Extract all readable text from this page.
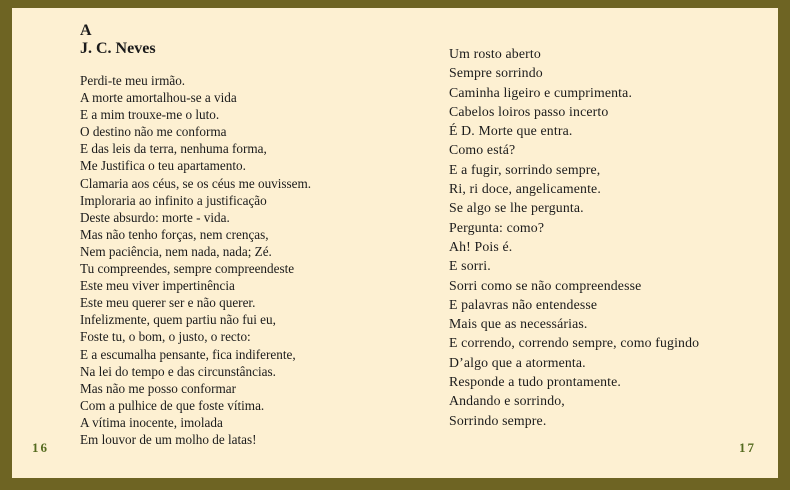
A
J. C. Neves
Perdi-te meu irmão.
A morte amortalhou-se a vida
E a mim trouxe-me o luto.
O destino não me conforma
E das leis da terra, nenhuma forma,
Me Justifica o teu apartamento.
Clamaria aos céus, se os céus me ouvissem.
Imploraria ao infinito a justificação
Deste absurdo: morte - vida.
Mas não tenho forças, nem crenças,
Nem paciência, nem nada, nada; Zé.
Tu compreendes, sempre compreendeste
Este meu viver impertinência
Este meu querer ser e não querer.
Infelizmente, quem partiu não fui eu,
Foste tu, o bom, o justo, o recto:
E a escumalha pensante, fica indiferente,
Na lei do tempo e das circunstâncias.
Mas não me posso conformar
Com a pulhice de que foste vítima.
A vítima inocente, imolada
Em louvor de um molho de latas!
Um rosto aberto
Sempre sorrindo
Caminha ligeiro e cumprimenta.
Cabelos loiros passo incerto
É D. Morte que entra.
Como está?
E a fugir, sorrindo sempre,
Ri, ri doce, angelicamente.
Se algo se lhe pergunta.
Pergunta: como?
Ah! Pois é.
E sorri.
Sorri como se não compreendesse
E palavras não entendesse
Mais que as necessárias.
E correndo, correndo sempre, como fugindo
D’algo que a atormenta.
Responde a tudo prontamente.
Andando e sorrindo,
Sorrindo sempre.
16	17
